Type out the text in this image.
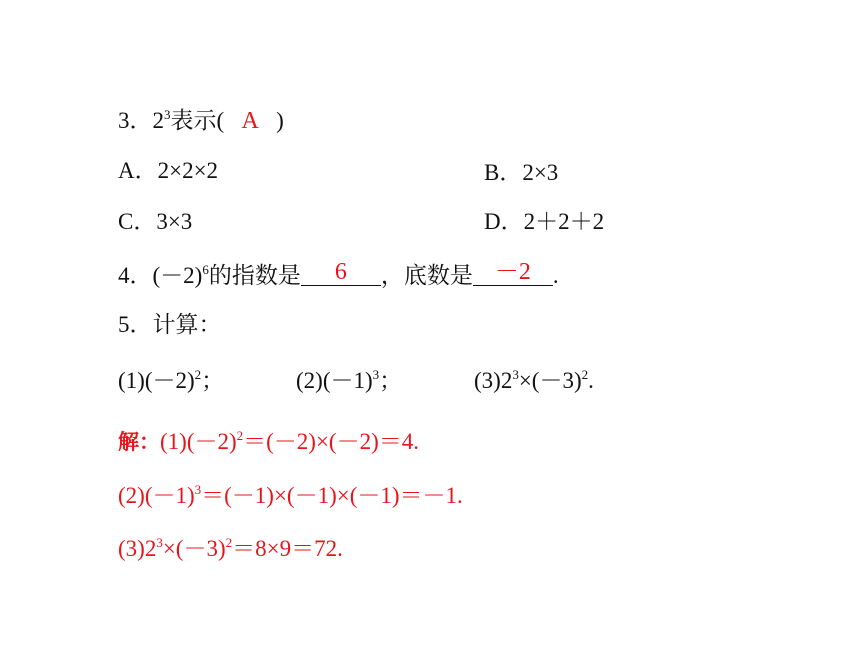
3．$2^3$表示( A )
A．2×2×2	B．2×3
C．3×3	D．2＋2＋2
4．$(-2)^6$的指数是	6	，底数是 －2 .
5．计算：
$(1)(-2)^2$；	$(2)(-1)^3$；	$(3)2^3\times(-3)^2$.
解：$(1)(-2)^2=(-2)\times(-2)=4$.
$(2)(-1)^3=(-1)\times(-1)\times(-1)=-1$.
$(3)2^3\times(-3)^2=8\times 9=72$.
